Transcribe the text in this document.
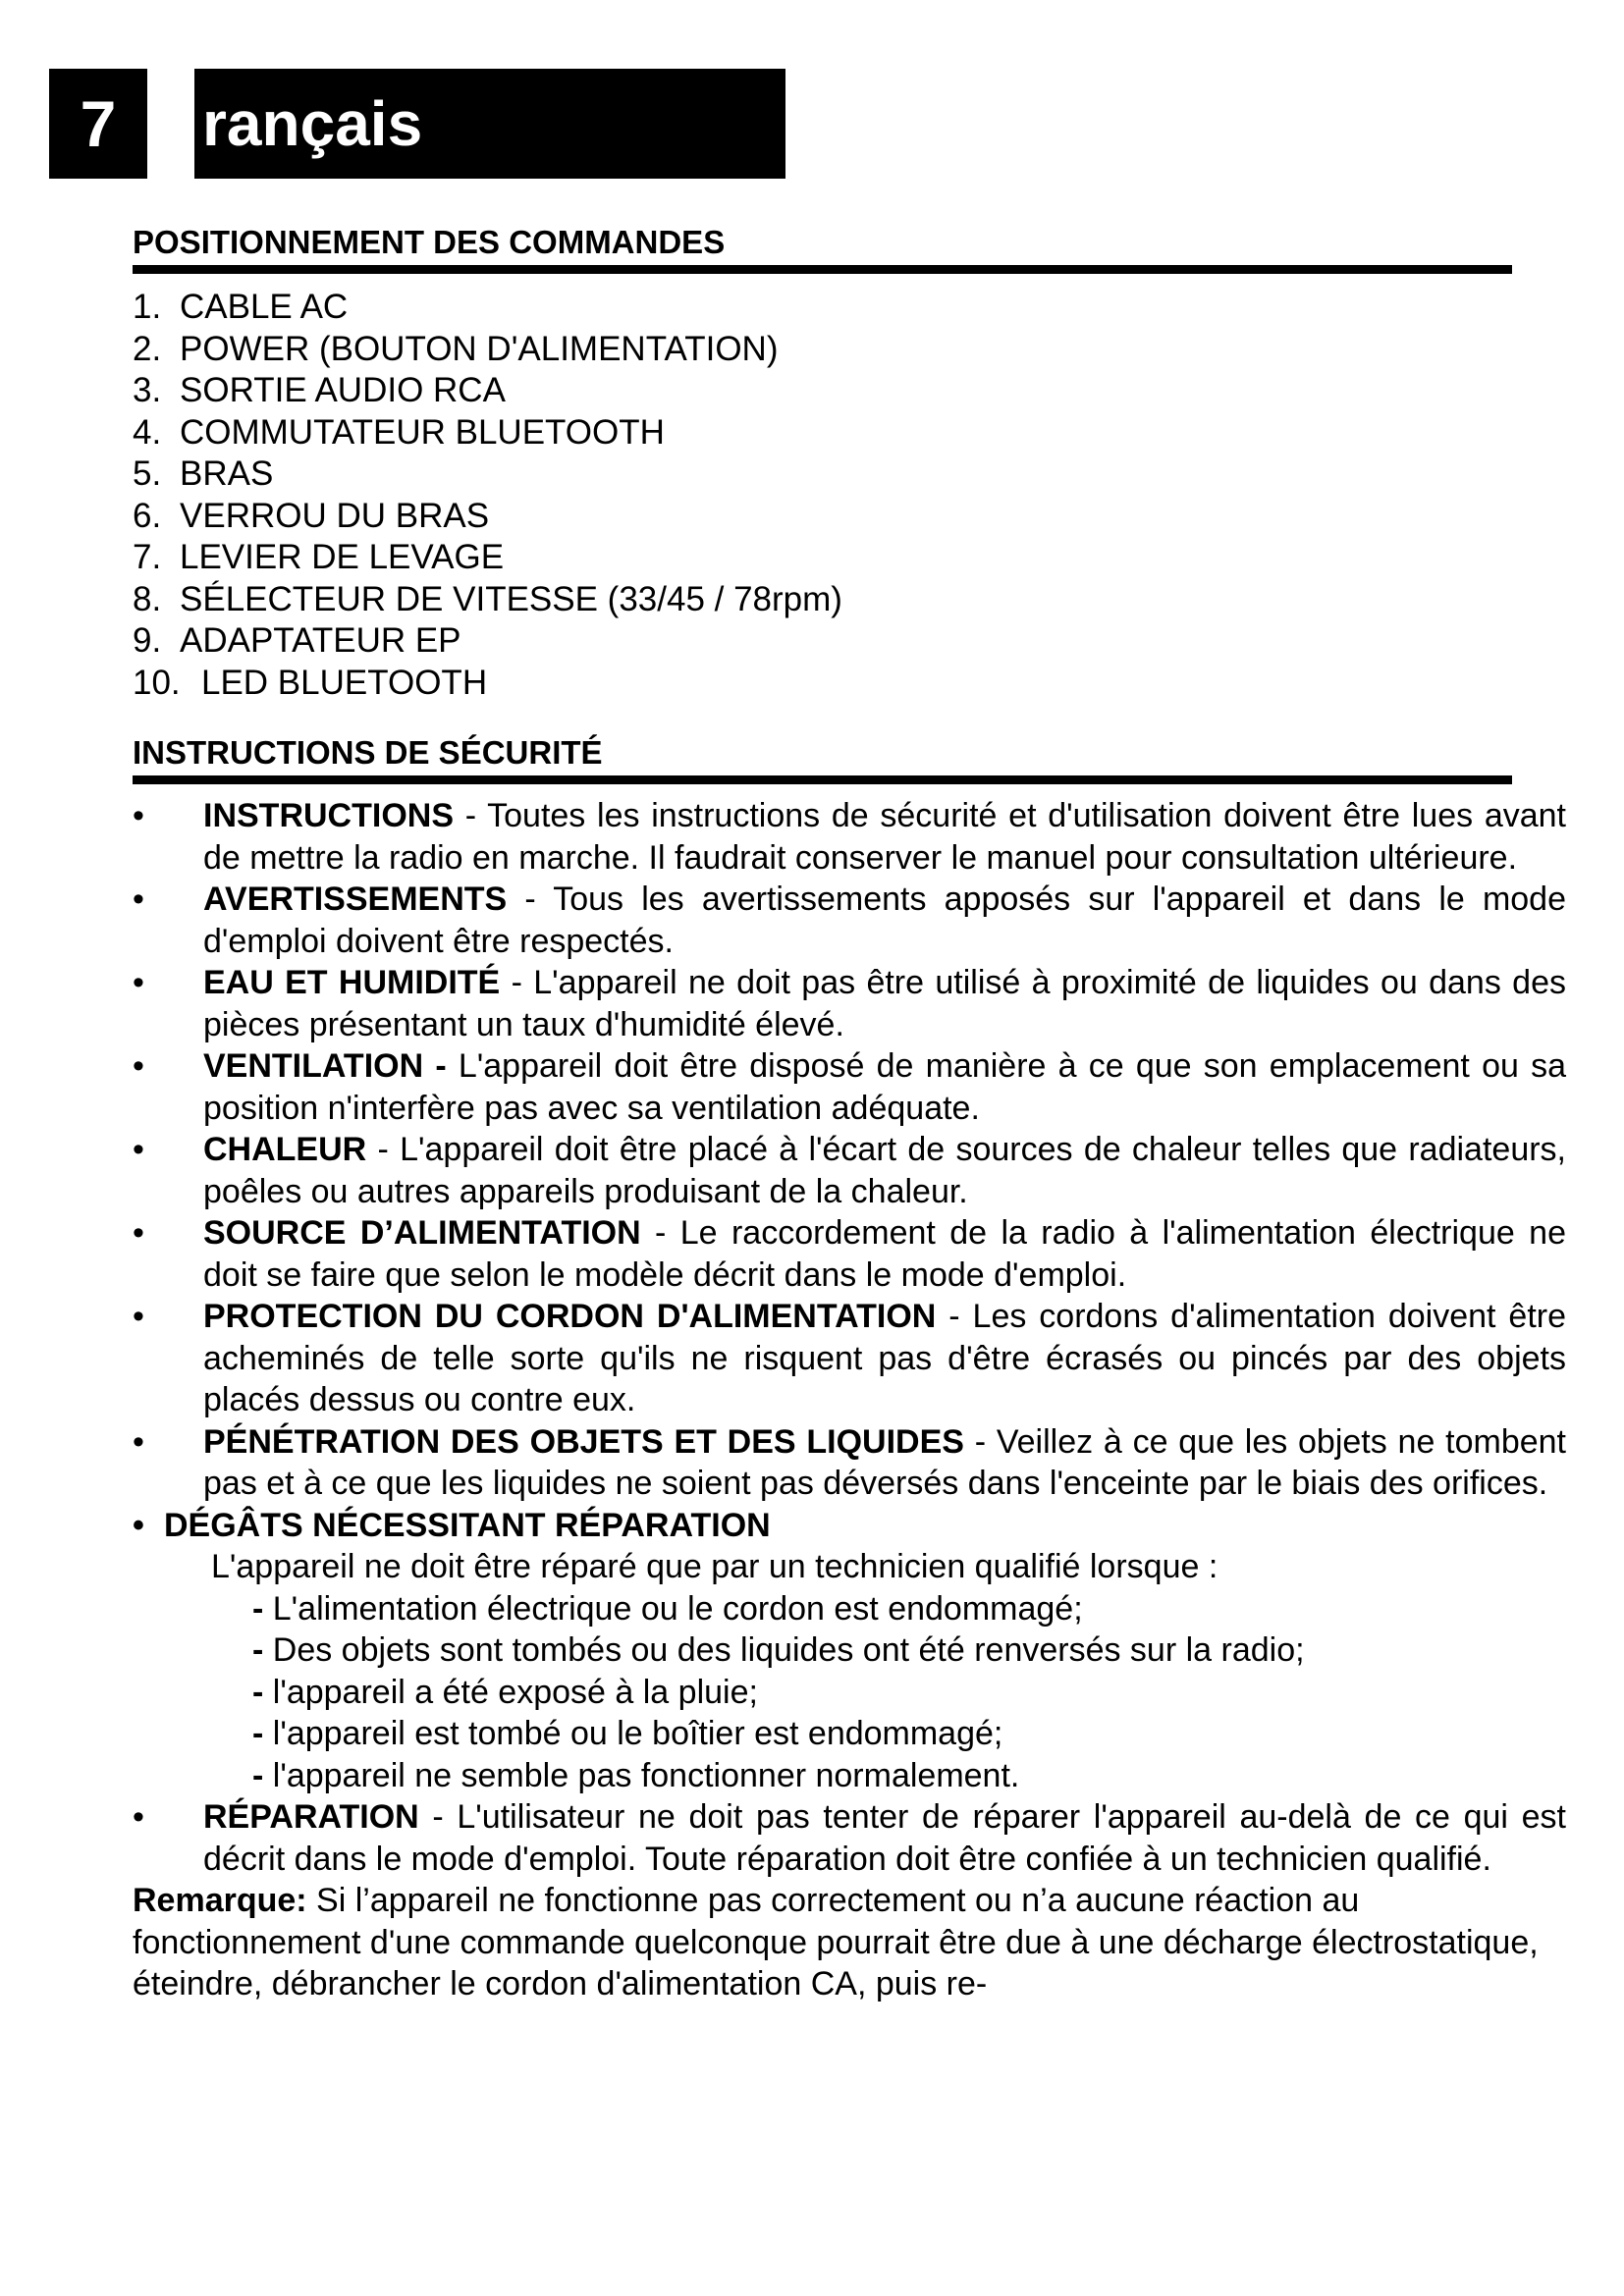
7	rançais
POSITIONNEMENT DES COMMANDES
1. CABLE AC
2. POWER (BOUTON D'ALIMENTATION)
3. SORTIE AUDIO RCA
4. COMMUTATEUR BLUETOOTH
5. BRAS
6. VERROU DU BRAS
7. LEVIER DE LEVAGE
8. SÉLECTEUR DE VITESSE (33/45 / 78rpm)
9. ADAPTATEUR EP
10. LED BLUETOOTH
INSTRUCTIONS DE SÉCURITÉ
•	INSTRUCTIONS - Toutes les instructions de sécurité et d'utilisation doivent être lues avant de mettre la radio en marche. Il faudrait conserver le manuel pour consultation ultérieure.
•	AVERTISSEMENTS - Tous les avertissements apposés sur l'appareil et dans le mode d'emploi doivent être respectés.
•	EAU ET HUMIDITÉ - L'appareil ne doit pas être utilisé à proximité de liquides ou dans des pièces présentant un taux d'humidité élevé.
•	VENTILATION - L'appareil doit être disposé de manière à ce que son emplacement ou sa position n'interfère pas avec sa ventilation adéquate.
•	CHALEUR - L'appareil doit être placé à l'écart de sources de chaleur telles que radiateurs, poêles ou autres appareils produisant de la chaleur.
•	SOURCE D’ALIMENTATION - Le raccordement de la radio à l'alimentation électrique ne doit se faire que selon le modèle décrit dans le mode d'emploi.
•	PROTECTION DU CORDON D'ALIMENTATION - Les cordons d'alimentation doivent être acheminés de telle sorte qu'ils ne risquent pas d'être écrasés ou pincés par des objets placés dessus ou contre eux.
•	PÉNÉTRATION DES OBJETS ET DES LIQUIDES - Veillez à ce que les objets ne tombent pas et à ce que les liquides ne soient pas déversés dans l'enceinte par le biais des orifices.
• DÉGÂTS NÉCESSITANT RÉPARATION
L'appareil ne doit être réparé que par un technicien qualifié lorsque :
- L'alimentation électrique ou le cordon est endommagé;
- Des objets sont tombés ou des liquides ont été renversés sur la radio;
- l'appareil a été exposé à la pluie;
- l'appareil est tombé ou le boîtier est endommagé;
- l'appareil ne semble pas fonctionner normalement.
•	RÉPARATION - L'utilisateur ne doit pas tenter de réparer l'appareil au-delà de ce qui est décrit dans le mode d'emploi. Toute réparation doit être confiée à un technicien qualifié.
Remarque: Si l’appareil ne fonctionne pas correctement ou n’a aucune réaction au fonctionnement d'une commande quelconque pourrait être due à une décharge électrostatique, éteindre, débrancher le cordon d'alimentation CA, puis re-
